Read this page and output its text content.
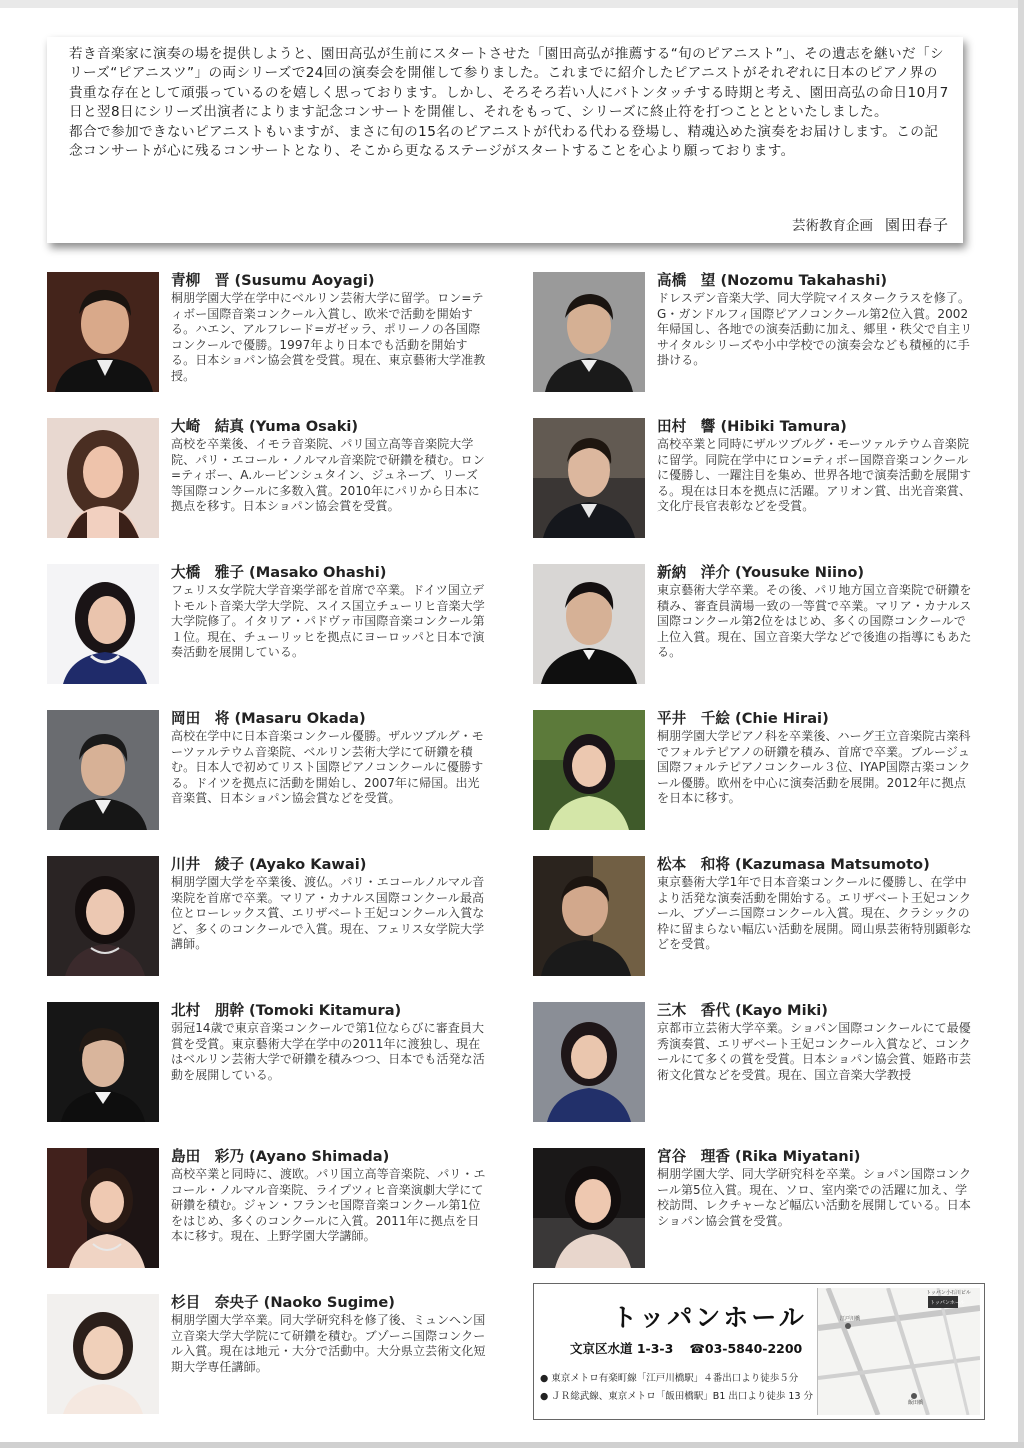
若き音楽家に演奏の場を提供しようと、園田高弘が生前にスタートさせた「園田高弘が推薦する“旬のピアニスト”」、その遺志を継いだ「シリーズ“ピアニスツ”」の両シリーズで24回の演奏会を開催して参りました。これまでに紹介したピアニストがそれぞれに日本のピアノ界の貴重な存在として頑張っているのを嬉しく思っております。しかし、そろそろ若い人にバトンタッチする時期と考え、園田高弘の命日10月7日と翌8日にシリーズ出演者によります記念コンサートを開催し、それをもって、シリーズに終止符を打つこととといたしました。

都合で参加できないピアニストもいますが、まさに旬の15名のピアニストが代わる代わる登場し、精魂込めた演奏をお届けします。この記念コンサートが心に残るコンサートとなり、そこから更なるステージがスタートすることを心より願っております。

芸術教育企画 園田春子
青柳　晋 (Susumu Aoyagi)
桐朋学園大学在学中にベルリン芸術大学に留学。ロン=ティボー国際音楽コンクール入賞し、欧米で活動を開始する。ハエン、アルフレード=ガゼッラ、ポリーノの各国際コンクールで優勝。1997年より日本でも活動を開始する。日本ショパン協会賞を受賞。現在、東京藝術大学准教授。
大崎　結真 (Yuma Osaki)
高校を卒業後、イモラ音楽院、パリ国立高等音楽院大学院、パリ・エコール・ノルマル音楽院で研鑽を積む。ロン=ティボー、A.ルービンシュタイン、ジュネーブ、リーズ等国際コンクールに多数入賞。2010年にパリから日本に拠点を移す。日本ショパン協会賞を受賞。
大橋　雅子 (Masako Ohashi)
フェリス女学院大学音楽学部を首席で卒業。ドイツ国立デトモルト音楽大学大学院、スイス国立チューリヒ音楽大学大学院修了。イタリア・パドヴァ市国際音楽コンクール第１位。現在、チューリッヒを拠点にヨーロッパと日本で演奏活動を展開している。
岡田　将 (Masaru Okada)
高校在学中に日本音楽コンクール優勝。ザルツブルグ・モーツァルテウム音楽院、ベルリン芸術大学にて研鑽を積む。日本人で初めてリスト国際ピアノコンクールに優勝する。ドイツを拠点に活動を開始し、2007年に帰国。出光音楽賞、日本ショパン協会賞などを受賞。
川井　綾子 (Ayako Kawai)
桐朋学園大学を卒業後、渡仏。パリ・エコールノルマル音楽院を首席で卒業。マリア・カナルス国際コンクール最高位とローレックス賞、エリザベート王妃コンクール入賞など、多くのコンクールで入賞。現在、フェリス女学院大学講師。
北村　朋幹 (Tomoki Kitamura)
弱冠14歳で東京音楽コンクールで第1位ならびに審査員大賞を受賞。東京藝術大学在学中の2011年に渡独し、現在はベルリン芸術大学で研鑽を積みつつ、日本でも活発な活動を展開している。
島田　彩乃 (Ayano Shimada)
高校卒業と同時に、渡欧。パリ国立高等音楽院、パリ・エコール・ノルマル音楽院、ライプツィヒ音楽演劇大学にて研鑽を積む。ジャン・フランセ国際音楽コンクール第1位をはじめ、多くのコンクールに入賞。2011年に拠点を日本に移す。現在、上野学園大学講師。
杉目　奈央子 (Naoko Sugime)
桐朋学園大学卒業。同大学研究科を修了後、ミュンヘン国立音楽大学大学院にて研鑽を積む。ブゾーニ国際コンクール入賞。現在は地元・大分で活動中。大分県立芸術文化短期大学専任講師。
高橋　望 (Nozomu Takahashi)
ドレスデン音楽大学、同大学院マイスタークラスを修了。G・ガンドルフィ国際ピアノコンクール第2位入賞。2002年帰国し、各地での演奏活動に加え、郷里・秩父で自主リサイタルシリーズや小中学校での演奏会なども積極的に手掛ける。
田村　響 (Hibiki Tamura)
高校卒業と同時にザルツブルグ・モーツァルテウム音楽院に留学。同院在学中にロン=ティボー国際音楽コンクールに優勝し、一躍注目を集め、世界各地で演奏活動を展開する。現在は日本を拠点に活躍。アリオン賞、出光音楽賞、文化庁長官表彰などを受賞。
新納　洋介 (Yousuke Niino)
東京藝術大学卒業。その後、パリ地方国立音楽院で研鑽を積み、審査員満場一致の一等賞で卒業。マリア・カナルス国際コンクール第2位をはじめ、多くの国際コンクールで上位入賞。現在、国立音楽大学などで後進の指導にもあたる。
平井　千絵 (Chie Hirai)
桐朋学園大学ピアノ科を卒業後、ハーグ王立音楽院古楽科でフォルテピアノの研鑽を積み、首席で卒業。ブルージュ国際フォルテピアノコンクール３位、IYAP国際古楽コンクール優勝。欧州を中心に演奏活動を展開。2012年に拠点を日本に移す。
松本　和将 (Kazumasa Matsumoto)
東京藝術大学1年で日本音楽コンクールに優勝し、在学中より活発な演奏活動を開始する。エリザベート王妃コンクール、ブゾーニ国際コンクール入賞。現在、クラシックの枠に留まらない幅広い活動を展開。岡山県芸術特別顕彰などを受賞。
三木　香代 (Kayo Miki)
京都市立芸術大学卒業。ショパン国際コンクールにて最優秀演奏賞、エリザベート王妃コンクール入賞など、コンクールにて多くの賞を受賞。日本ショパン協会賞、姫路市芸術文化賞などを受賞。現在、国立音楽大学教授
宮谷　理香 (Rika Miyatani)
桐朋学園大学、同大学研究科を卒業。ショパン国際コンクール第5位入賞。現在、ソロ、室内楽での活躍に加え、学校訪問、レクチャーなど幅広い活動を展開している。日本ショパン協会賞を受賞。
トッパンホール
文京区水道 1-3-3 ☎03-5840-2200
● 東京メトロ有楽町線「江戸川橋駅」４番出口より徒歩５分
● ＪＲ総武線、東京メトロ「飯田橋駅」B1 出口より徒歩 13 分
トッパン小石川ビル
トッパンホール
江戸川橋
飯田橋
